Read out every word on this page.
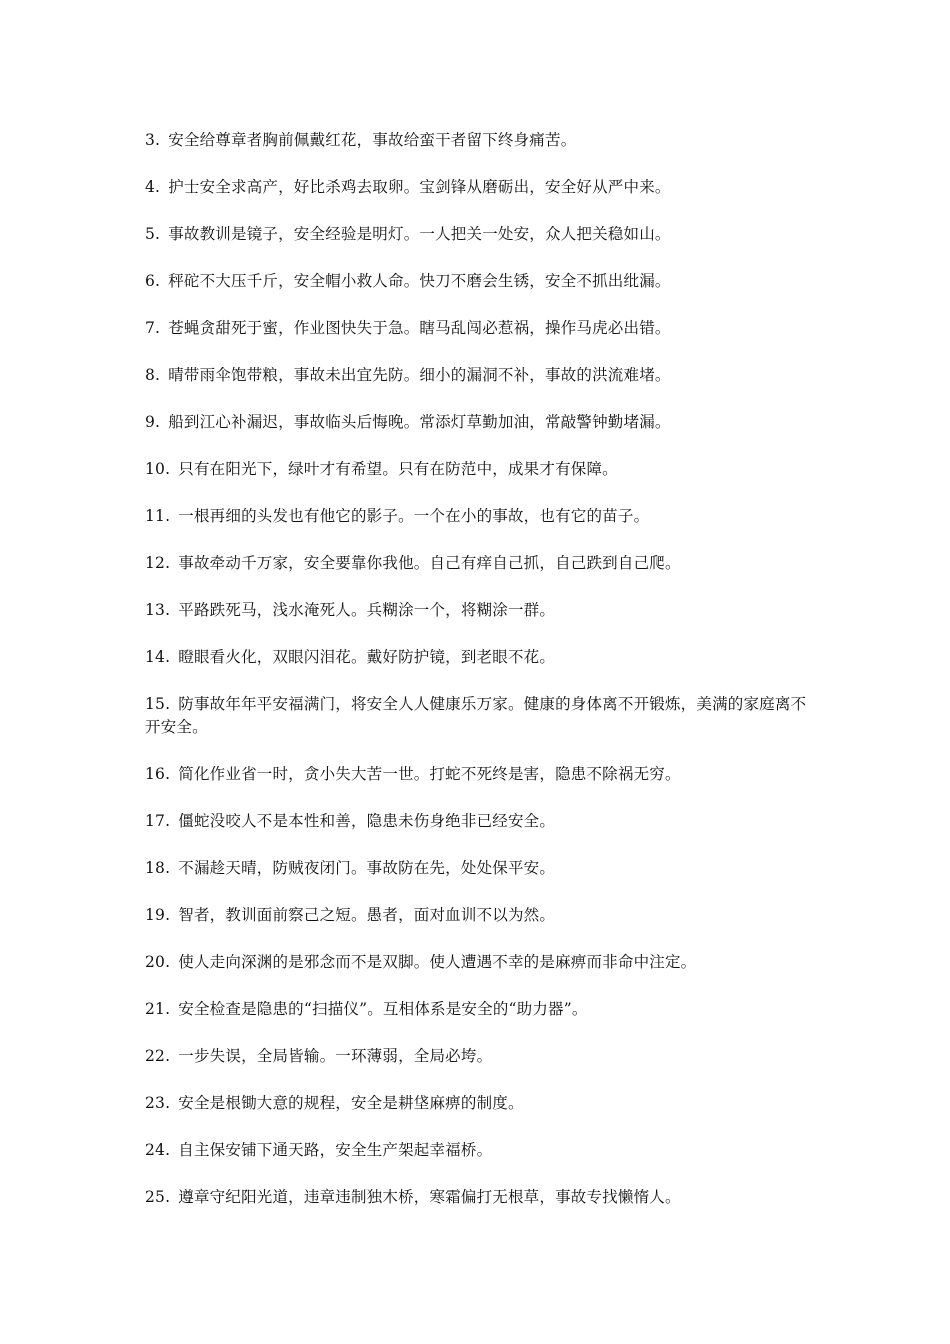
3. 安全给尊章者胸前佩戴红花，事故给蛮干者留下终身痛苦。
4. 护士安全求高产，好比杀鸡去取卵。宝剑锋从磨砺出，安全好从严中来。
5. 事故教训是镜子，安全经验是明灯。一人把关一处安，众人把关稳如山。
6. 秤砣不大压千斤，安全帽小救人命。快刀不磨会生锈，安全不抓出纰漏。
7. 苍蝇贪甜死于蜜，作业图快失于急。瞎马乱闯必惹祸，操作马虎必出错。
8. 晴带雨伞饱带粮，事故未出宜先防。细小的漏洞不补，事故的洪流难堵。
9. 船到江心补漏迟，事故临头后悔晚。常添灯草勤加油，常敲警钟勤堵漏。
10. 只有在阳光下，绿叶才有希望。只有在防范中，成果才有保障。
11. 一根再细的头发也有他它的影子。一个在小的事故，也有它的苗子。
12. 事故牵动千万家，安全要靠你我他。自己有痒自己抓，自己跌到自己爬。
13. 平路跌死马，浅水淹死人。兵糊涂一个，将糊涂一群。
14. 瞪眼看火化，双眼闪泪花。戴好防护镜，到老眼不花。
15. 防事故年年平安福满门，将安全人人健康乐万家。健康的身体离不开锻炼，美满的家庭离不开安全。
16. 简化作业省一时，贪小失大苦一世。打蛇不死终是害，隐患不除祸无穷。
17. 僵蛇没咬人不是本性和善，隐患未伤身绝非已经安全。
18. 不漏趁天晴，防贼夜闭门。事故防在先，处处保平安。
19. 智者，教训面前察己之短。愚者，面对血训不以为然。
20. 使人走向深渊的是邪念而不是双脚。使人遭遇不幸的是麻痹而非命中注定。
21. 安全检查是隐患的“扫描仪”。互相体系是安全的“助力器”。
22. 一步失误，全局皆输。一环薄弱，全局必垮。
23. 安全是根锄大意的规程，安全是耕垡麻痹的制度。
24. 自主保安铺下通天路，安全生产架起幸福桥。
25. 遵章守纪阳光道，违章违制独木桥，寒霜偏打无根草，事故专找懒惰人。
